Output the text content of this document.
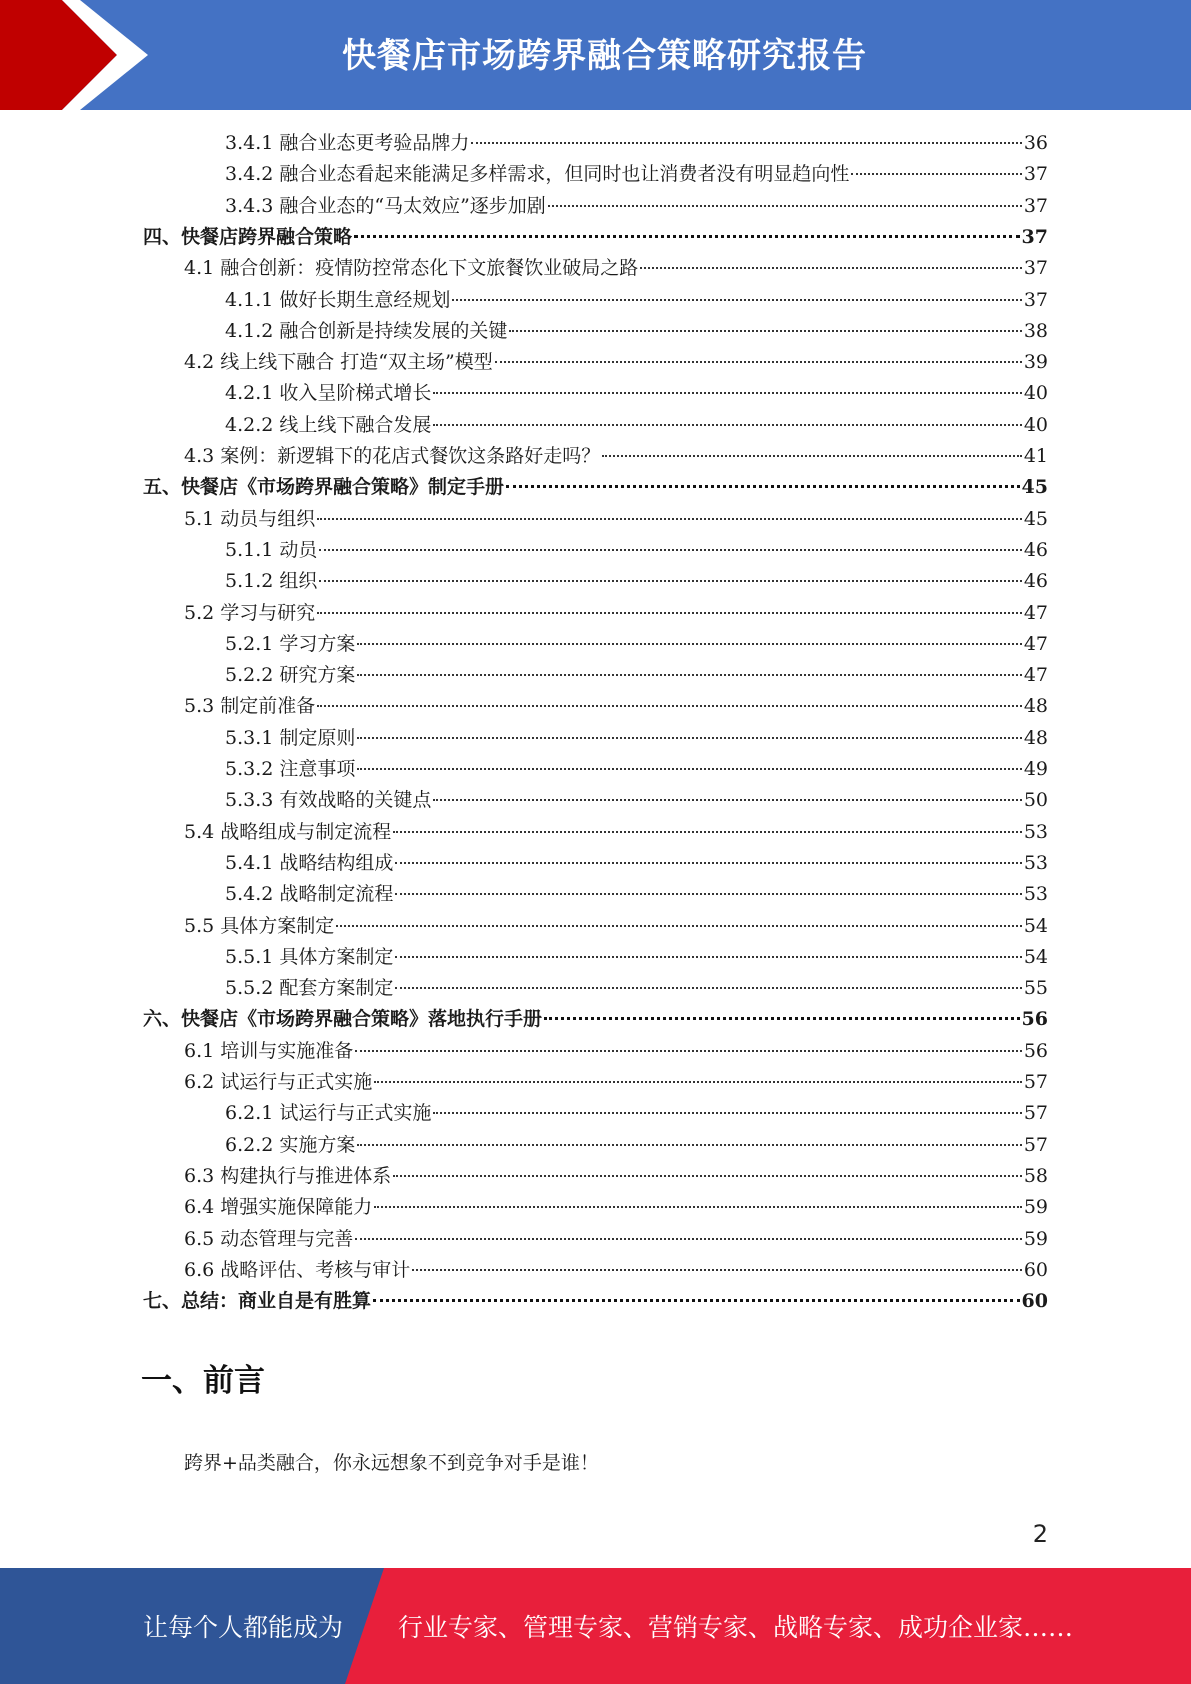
快餐店市场跨界融合策略研究报告
3.4.1 融合业态更考验品牌力	36
3.4.2 融合业态看起来能满足多样需求，但同时也让消费者没有明显趋向性	37
3.4.3 融合业态的“马太效应”逐步加剧	37
四、快餐店跨界融合策略	37
4.1 融合创新：疫情防控常态化下文旅餐饮业破局之路	37
4.1.1 做好长期生意经规划	37
4.1.2 融合创新是持续发展的关键	38
4.2 线上线下融合 打造“双主场”模型	39
4.2.1 收入呈阶梯式增长	40
4.2.2 线上线下融合发展	40
4.3 案例：新逻辑下的花店式餐饮这条路好走吗？	41
五、快餐店《市场跨界融合策略》制定手册	45
5.1 动员与组织	45
5.1.1 动员	46
5.1.2 组织	46
5.2 学习与研究	47
5.2.1 学习方案	47
5.2.2 研究方案	47
5.3 制定前准备	48
5.3.1 制定原则	48
5.3.2 注意事项	49
5.3.3 有效战略的关键点	50
5.4 战略组成与制定流程	53
5.4.1 战略结构组成	53
5.4.2 战略制定流程	53
5.5 具体方案制定	54
5.5.1 具体方案制定	54
5.5.2 配套方案制定	55
六、快餐店《市场跨界融合策略》落地执行手册	56
6.1 培训与实施准备	56
6.2 试运行与正式实施	57
6.2.1 试运行与正式实施	57
6.2.2 实施方案	57
6.3 构建执行与推进体系	58
6.4 增强实施保障能力	59
6.5 动态管理与完善	59
6.6 战略评估、考核与审计	60
七、总结：商业自是有胜算	60
一、前言
跨界+品类融合，你永远想象不到竞争对手是谁！
2
让每个人都能成为 行业专家、管理专家、营销专家、战略专家、成功企业家……
